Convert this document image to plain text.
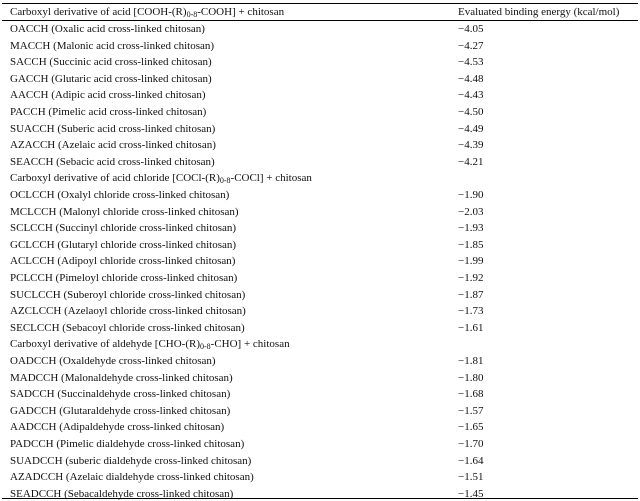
Carboxyl derivative of acid $[COOH-(R)_{0-8}-COOH]$ + chitosan	Evaluated binding energy (kcal/mol)
OACCH (Oxalic acid cross-linked chitosan)	−4.05
MACCH (Malonic acid cross-linked chitosan)	−4.27
SACCH (Succinic acid cross-linked chitosan)	−4.53
GACCH (Glutaric acid cross-linked chitosan)	−4.48
AACCH (Adipic acid cross-linked chitosan)	−4.43
PACCH (Pimelic acid cross-linked chitosan)	−4.50
SUACCH (Suberic acid cross-linked chitosan)	−4.49
AZACCH (Azelaic acid cross-linked chitosan)	−4.39
SEACCH (Sebacic acid cross-linked chitosan)	−4.21
Carboxyl derivative of acid chloride $[COCl-(R)_{0-8}-COCl]$ + chitosan
OCLCCH (Oxalyl chloride cross-linked chitosan)	−1.90
MCLCCH (Malonyl chloride cross-linked chitosan)	−2.03
SCLCCH (Succinyl chloride cross-linked chitosan)	−1.93
GCLCCH (Glutaryl chloride cross-linked chitosan)	−1.85
ACLCCH (Adipoyl chloride cross-linked chitosan)	−1.99
PCLCCH (Pimeloyl chloride cross-linked chitosan)	−1.92
SUCLCCH (Suberoyl chloride cross-linked chitosan)	−1.87
AZCLCCH (Azelaoyl chloride cross-linked chitosan)	−1.73
SECLCCH (Sebacoyl chloride cross-linked chitosan)	−1.61
Carboxyl derivative of aldehyde $[CHO-(R)_{0-8}-CHO]$ + chitosan
OADCCH (Oxaldehyde cross-linked chitosan)	−1.81
MADCCH (Malonaldehyde cross-linked chitosan)	−1.80
SADCCH (Succinaldehyde cross-linked chitosan)	−1.68
GADCCH (Glutaraldehyde cross-linked chitosan)	−1.57
AADCCH (Adipaldehyde cross-linked chitosan)	−1.65
PADCCH (Pimelic dialdehyde cross-linked chitosan)	−1.70
SUADCCH (suberic dialdehyde cross-linked chitosan)	−1.64
AZADCCH (Azelaic dialdehyde cross-linked chitosan)	−1.51
SEADCCH (Sebacaldehyde cross-linked chitosan)	−1.45
